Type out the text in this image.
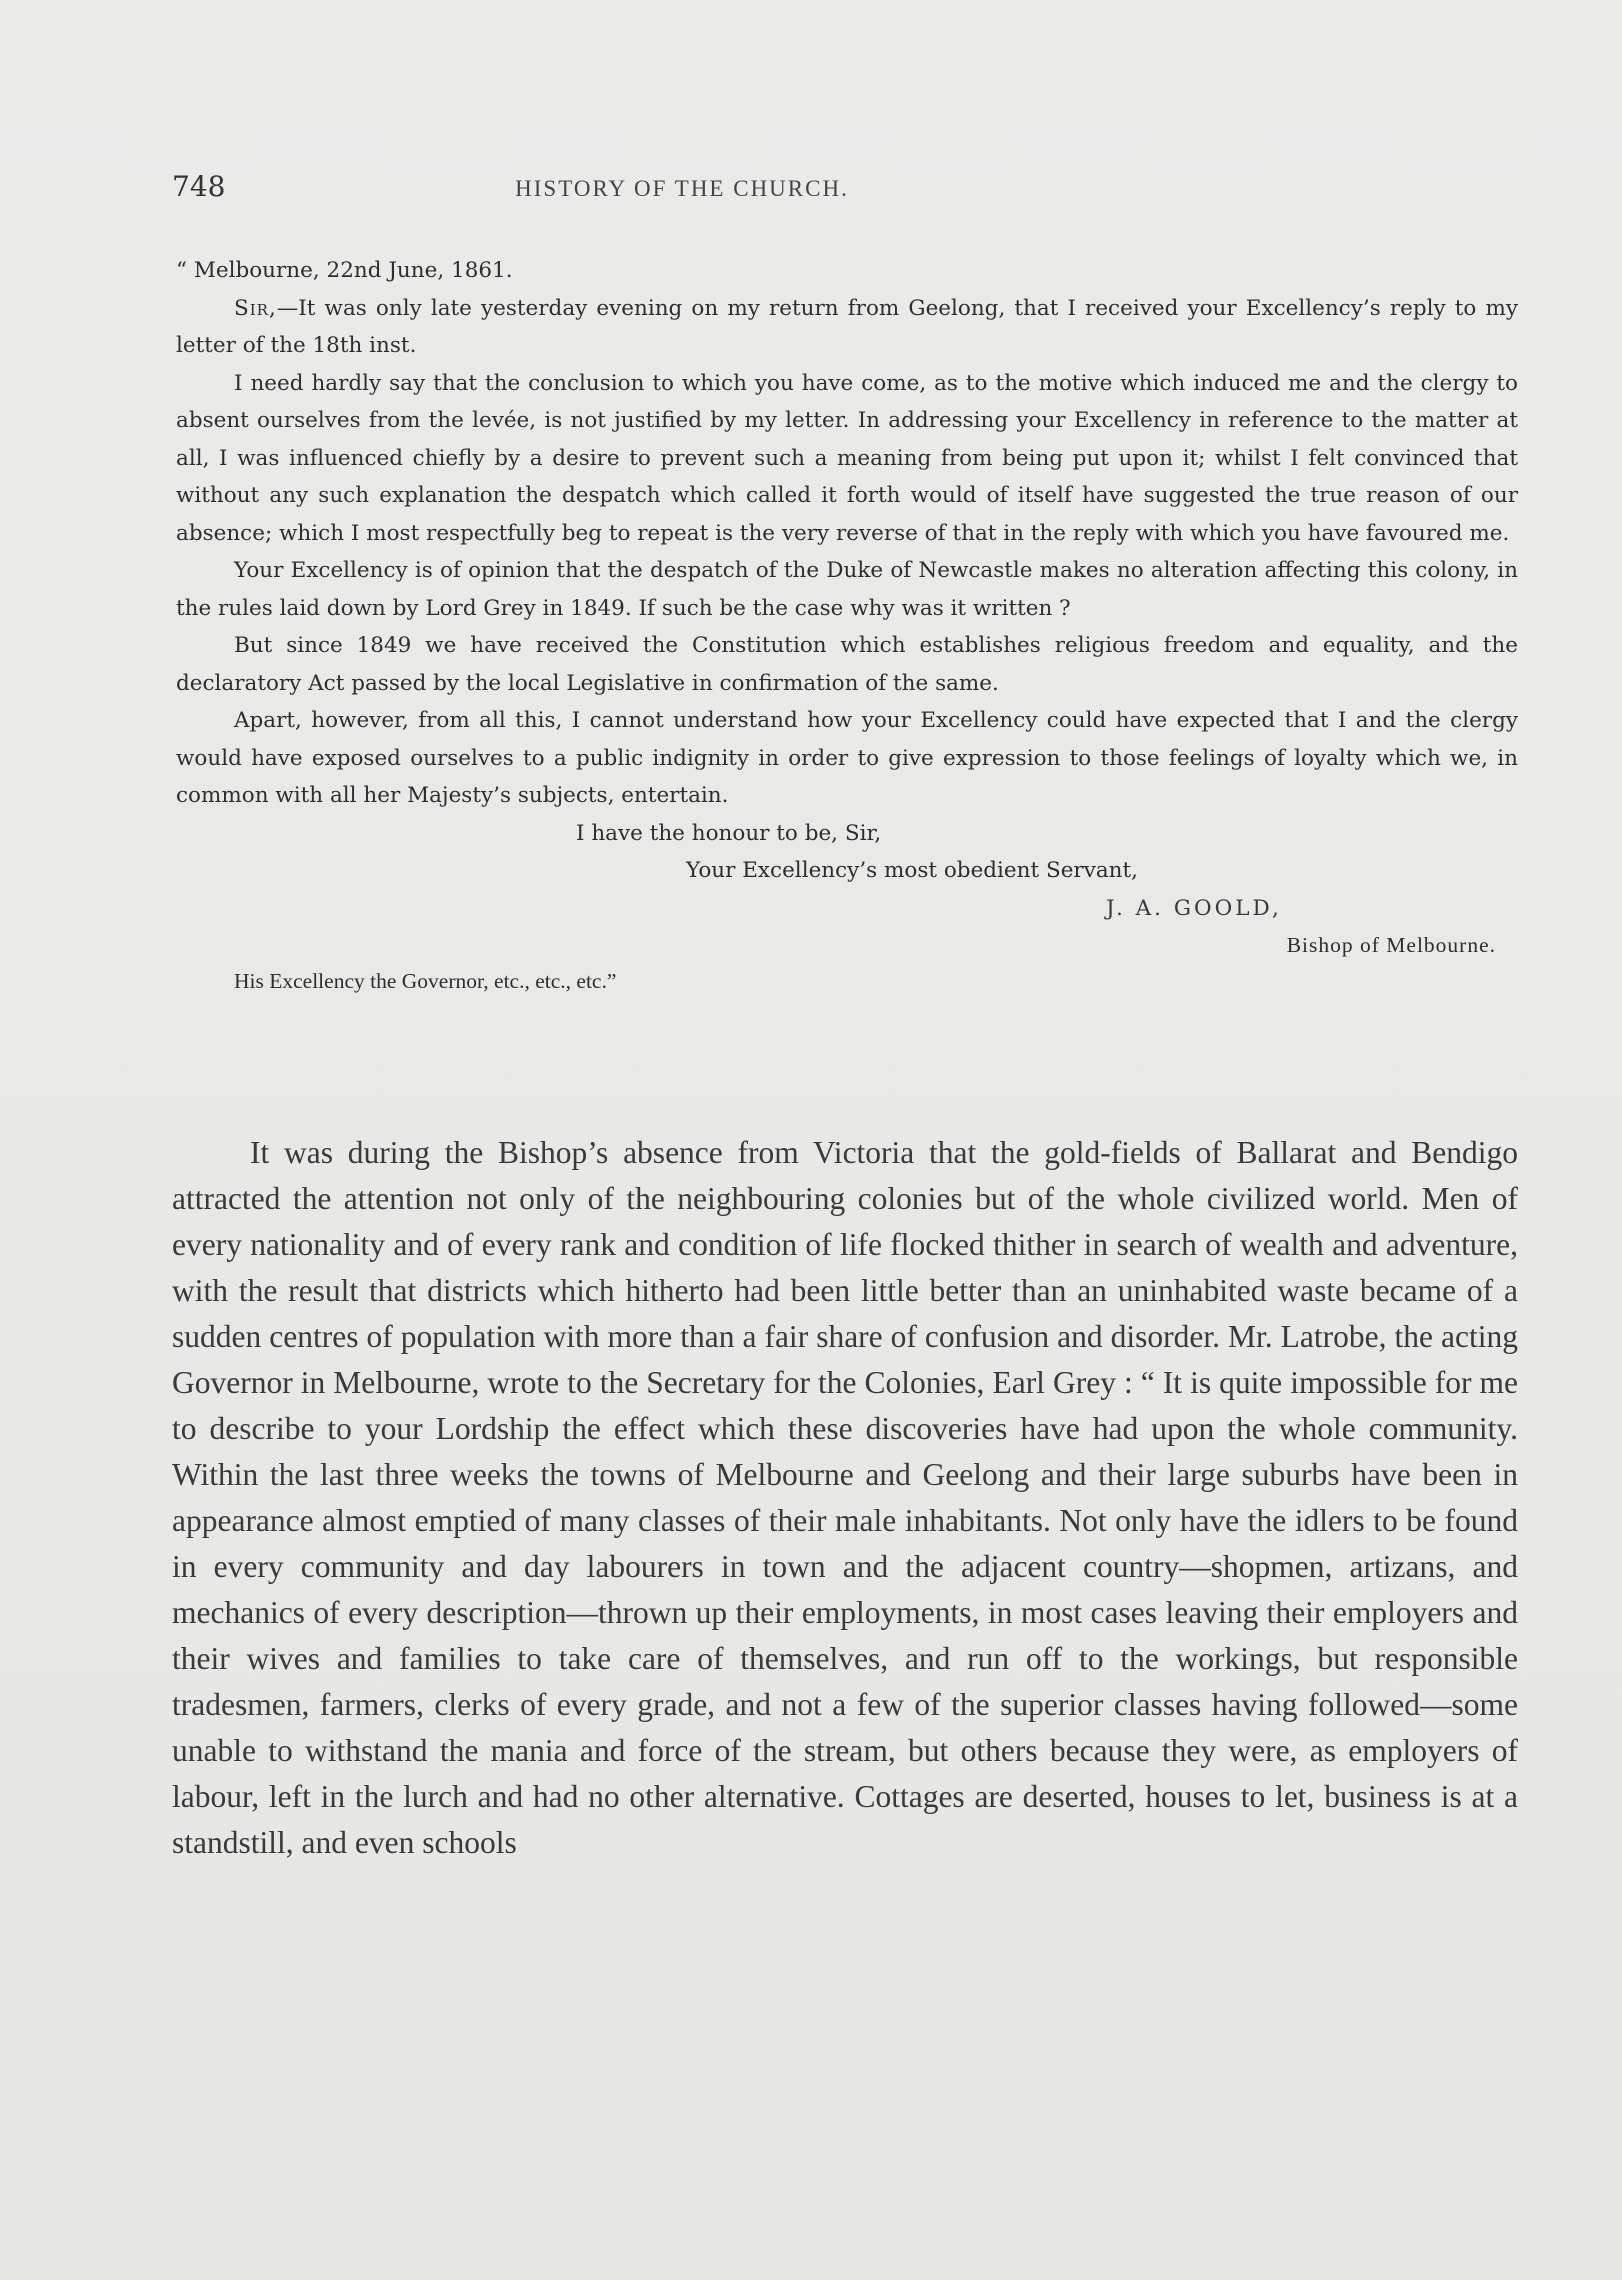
748	HISTORY OF THE CHURCH.

“ Melbourne, 22nd June, 1861.

Sir,—It was only late yesterday evening on my return from Geelong, that I received your Excellency’s reply to my letter of the 18th inst.

I need hardly say that the conclusion to which you have come, as to the motive which induced me and the clergy to absent ourselves from the levée, is not justified by my letter. In addressing your Excellency in reference to the matter at all, I was influenced chiefly by a desire to prevent such a meaning from being put upon it; whilst I felt convinced that without any such explanation the despatch which called it forth would of itself have suggested the true reason of our absence; which I most respectfully beg to repeat is the very reverse of that in the reply with which you have favoured me.

Your Excellency is of opinion that the despatch of the Duke of Newcastle makes no alteration affecting this colony, in the rules laid down by Lord Grey in 1849. If such be the case why was it written ?

But since 1849 we have received the Constitution which establishes religious freedom and equality, and the declaratory Act passed by the local Legislative in confirmation of the same.

Apart, however, from all this, I cannot understand how your Excellency could have expected that I and the clergy would have exposed ourselves to a public indignity in order to give expression to those feelings of loyalty which we, in common with all her Majesty’s subjects, entertain.

I have the honour to be, Sir,

Your Excellency’s most obedient Servant,

J. A. GOOLD,

Bishop of Melbourne.
His Excellency the Governor, etc., etc., etc.”

It was during the Bishop’s absence from Victoria that the gold-fields of Ballarat and Bendigo attracted the attention not only of the neighbouring colonies but of the whole civilized world. Men of every nationality and of every rank and condition of life flocked thither in search of wealth and adventure, with the result that districts which hitherto had been little better than an uninhabited waste became of a sudden centres of population with more than a fair share of confusion and disorder. Mr. Latrobe, the acting Governor in Melbourne, wrote to the Secretary for the Colonies, Earl Grey : “ It is quite impossible for me to describe to your Lordship the effect which these discoveries have had upon the whole community. Within the last three weeks the towns of Melbourne and Geelong and their large suburbs have been in appearance almost emptied of many classes of their male inhabitants. Not only have the idlers to be found in every community and day labourers in town and the adjacent country—shopmen, artizans, and mechanics of every description—thrown up their employments, in most cases leaving their employers and their wives and families to take care of themselves, and run off to the workings, but responsible tradesmen, farmers, clerks of every grade, and not a few of the superior classes having followed—some unable to withstand the mania and force of the stream, but others because they were, as employers of labour, left in the lurch and had no other alternative. Cottages are deserted, houses to let, business is at a standstill, and even schools
